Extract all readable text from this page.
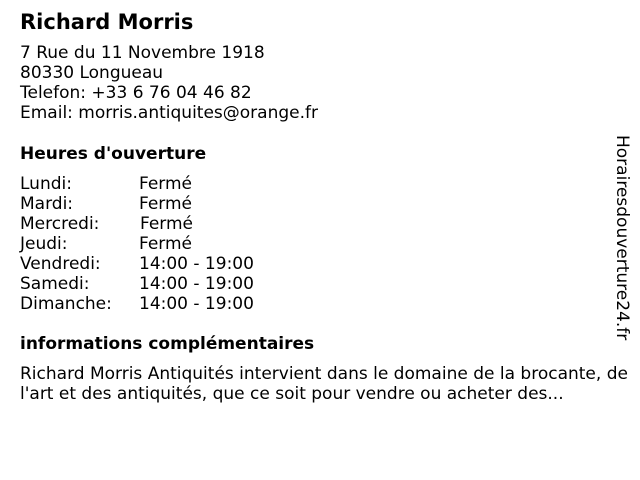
Richard Morris
7 Rue du 11 Novembre 1918
80330 Longueau
Telefon: +33 6 76 04 46 82
Email: morris.antiquites@orange.fr
Heures d'ouverture
Lundi:	Fermé
Mardi:	Fermé
Mercredi: Fermé
Jeudi:	Fermé
Vendredi: 14:00 - 19:00
Samedi:	14:00 - 19:00
Dimanche: 14:00 - 19:00
informations complémentaires
Richard Morris Antiquités intervient dans le domaine de la brocante, de l'art et des antiquités, que ce soit pour vendre ou acheter des...
Horairesdouverture24.fr
